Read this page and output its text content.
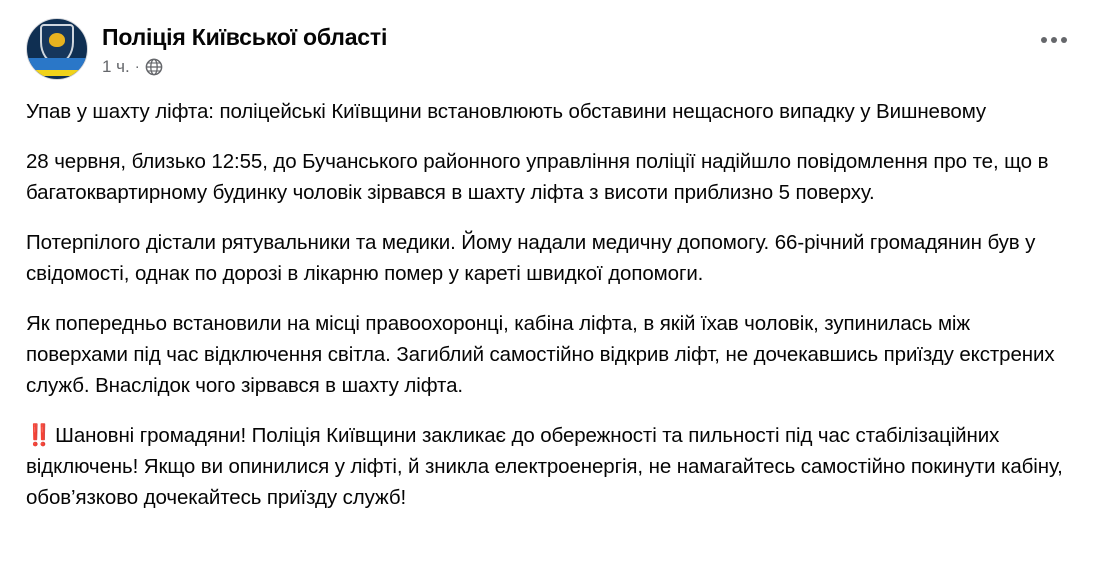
Поліція Київської області
1 ч. ·

Упав у шахту ліфта: поліцейські Київщини встановлюють обставини нещасного випадку у Вишневому

28 червня, близько 12:55, до Бучанського районного управління поліції надійшло повідомлення про те, що в багатоквартирному будинку чоловік зірвався в шахту ліфта з висоти приблизно 5 поверху.

Потерпілого дістали рятувальники та медики. Йому надали медичну допомогу. 66-річний громадянин був у свідомості, однак по дорозі в лікарню помер у кареті швидкої допомоги.

Як попередньо встановили на місці правоохоронці, кабіна ліфта, в якій їхав чоловік, зупинилась між поверхами під час відключення світла. Загиблий самостійно відкрив ліфт, не дочекавшись приїзду екстрених служб. Внаслідок чого зірвався в шахту ліфта.

‼️ Шановні громадяни! Поліція Київщини закликає до обережності та пильності під час стабілізаційних відключень! Якщо ви опинилися у ліфті, й зникла електроенергія, не намагайтесь самостійно покинути кабіну, обов’язково дочекайтесь приїзду служб!
